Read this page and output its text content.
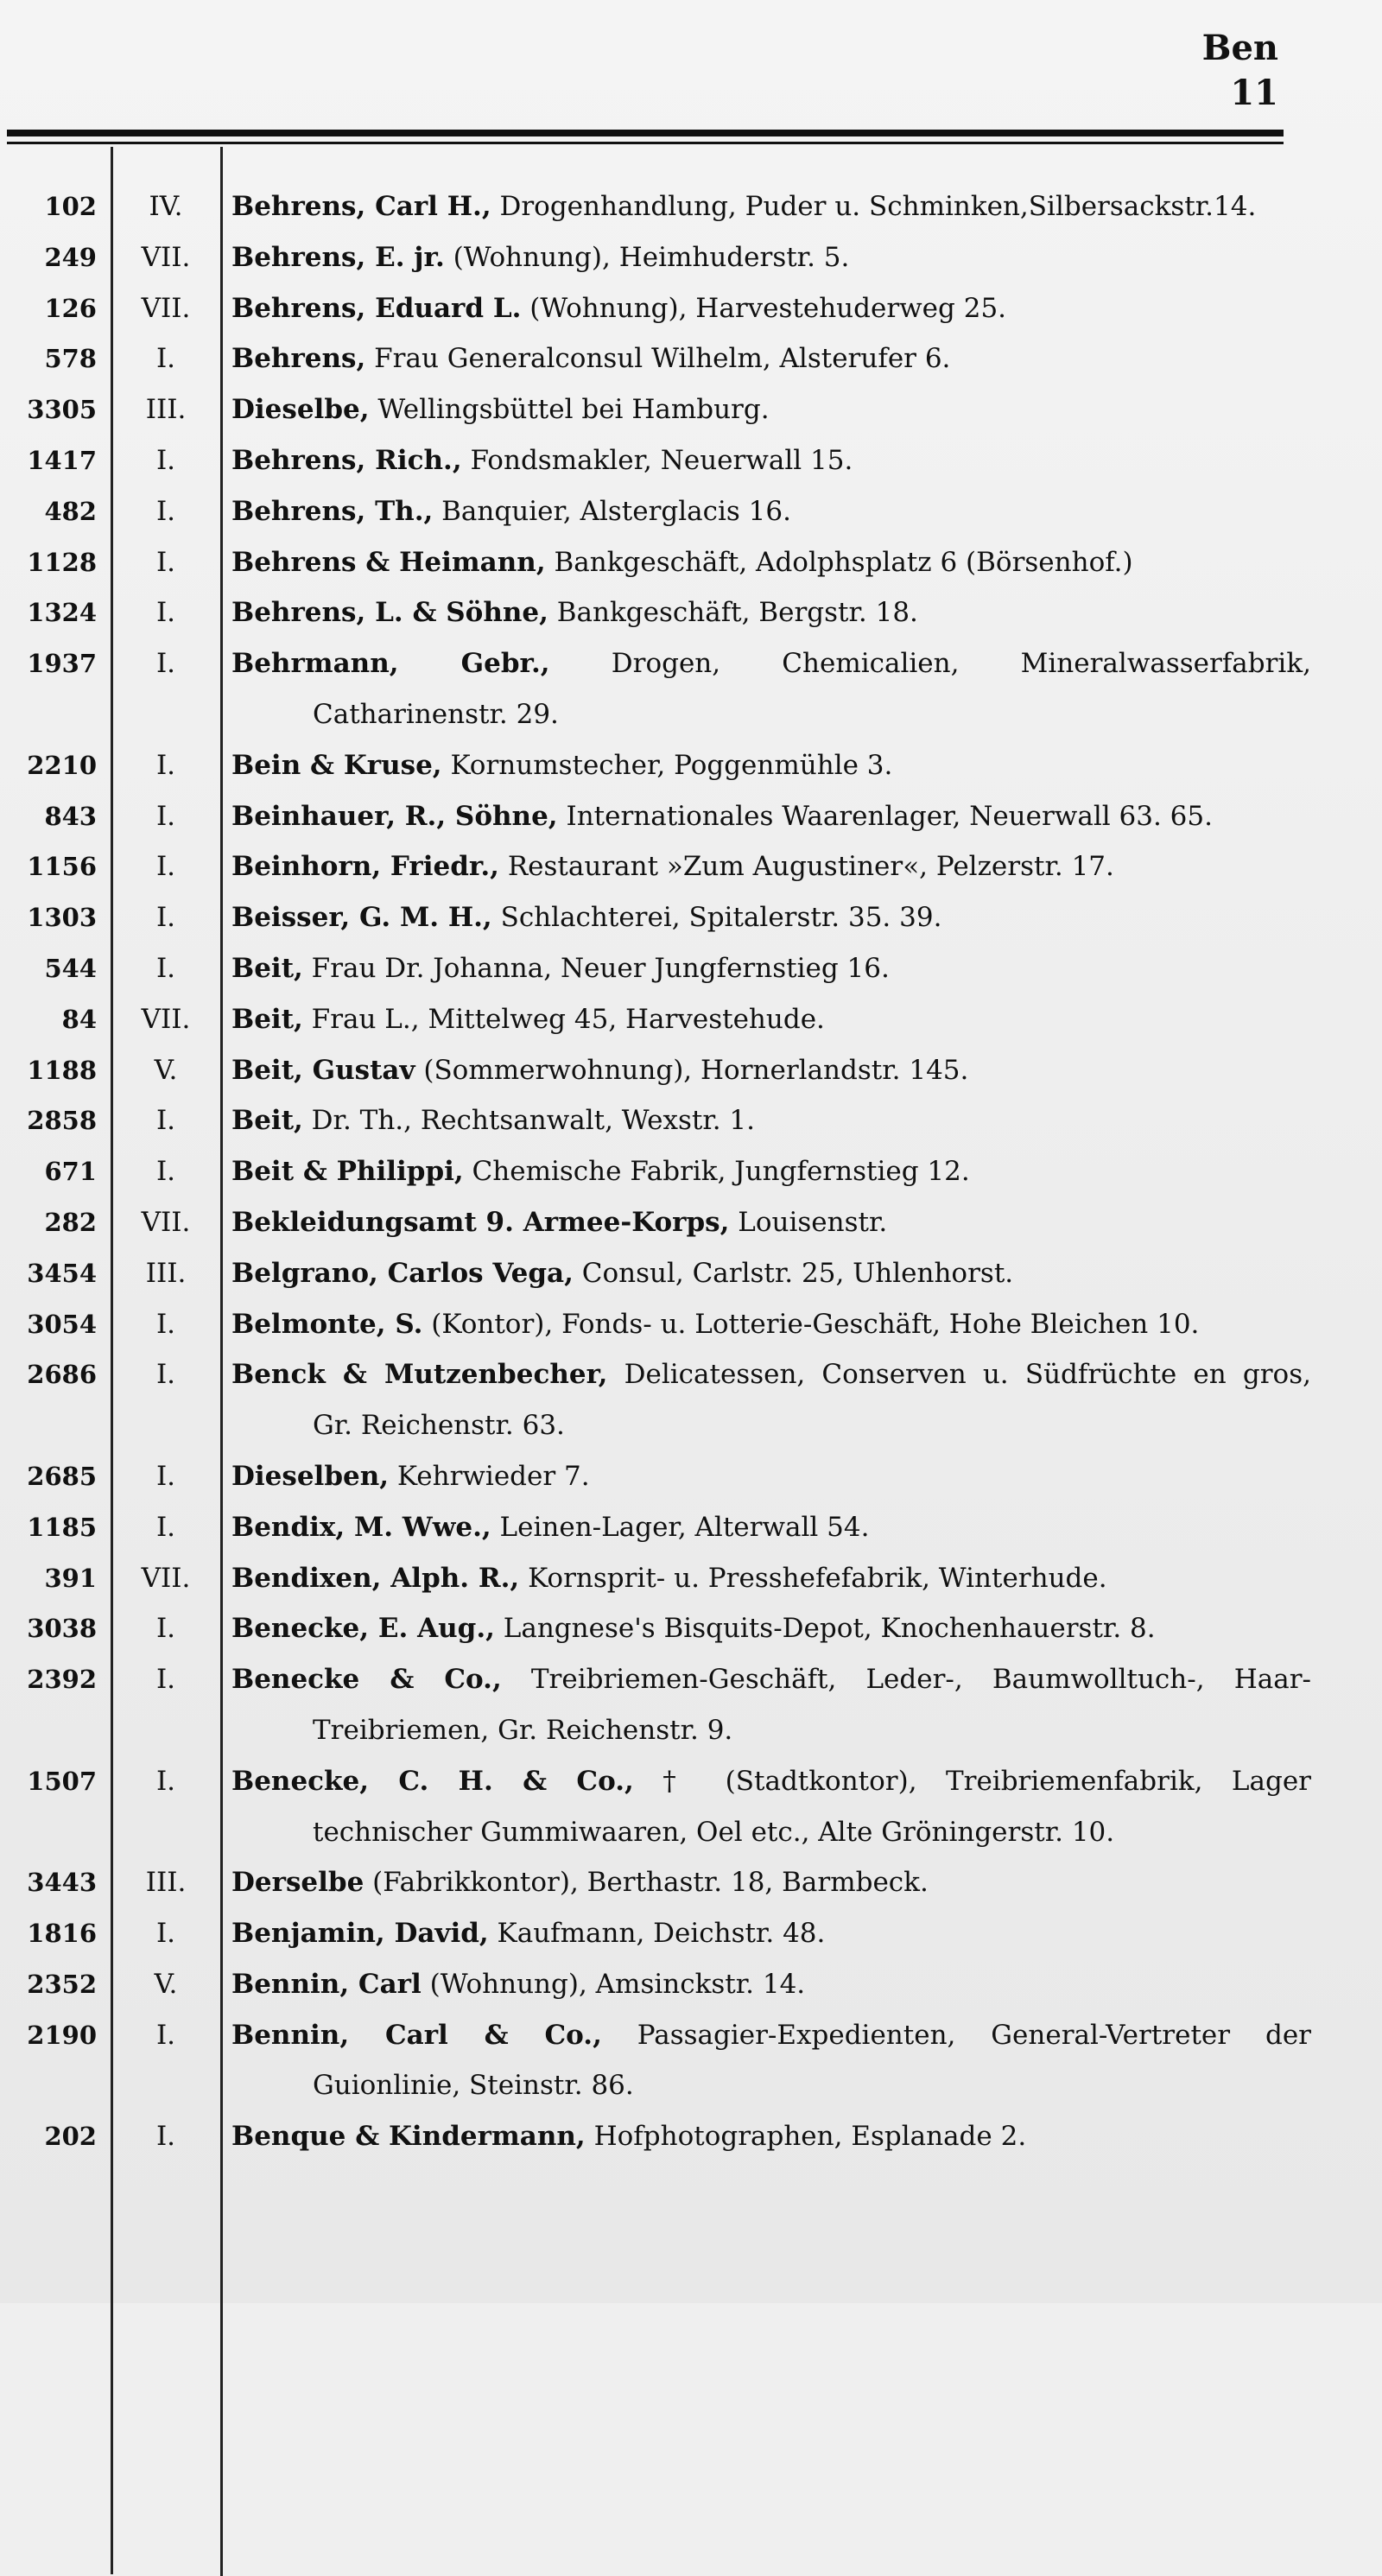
Ben
11
102	IV.	Behrens, Carl H., Drogenhandlung, Puder u. Schminken,Silbersackstr.14.
249	VII.	Behrens, E. jr. (Wohnung), Heimhuderstr. 5.
126	VII.	Behrens, Eduard L. (Wohnung), Harvestehuderweg 25.
578	I.	Behrens, Frau Generalconsul Wilhelm, Alsterufer 6.
3305	III.	Dieselbe, Wellingsbüttel bei Hamburg.
1417	I.	Behrens, Rich., Fondsmakler, Neuerwall 15.
482	I.	Behrens, Th., Banquier, Alsterglacis 16.
1128	I.	Behrens & Heimann, Bankgeschäft, Adolphsplatz 6 (Börsenhof.)
1324	I.	Behrens, L. & Söhne, Bankgeschäft, Bergstr. 18.
1937	I.	Behrmann, Gebr., Drogen, Chemicalien, Mineralwasserfabrik,
Catharinenstr. 29.
2210	I.	Bein & Kruse, Kornumstecher, Poggenmühle 3.
843	I.	Beinhauer, R., Söhne, Internationales Waarenlager, Neuerwall 63. 65.
1156	I.	Beinhorn, Friedr., Restaurant »Zum Augustiner«, Pelzerstr. 17.
1303	I.	Beisser, G. M. H., Schlachterei, Spitalerstr. 35. 39.
544	I.	Beit, Frau Dr. Johanna, Neuer Jungfernstieg 16.
84	VII.	Beit, Frau L., Mittelweg 45, Harvestehude.
1188	V.	Beit, Gustav (Sommerwohnung), Hornerlandstr. 145.
2858	I.	Beit, Dr. Th., Rechtsanwalt, Wexstr. 1.
671	I.	Beit & Philippi, Chemische Fabrik, Jungfernstieg 12.
282	VII.	Bekleidungsamt 9. Armee-Korps, Louisenstr.
3454	III.	Belgrano, Carlos Vega, Consul, Carlstr. 25, Uhlenhorst.
3054	I.	Belmonte, S. (Kontor), Fonds- u. Lotterie-Geschäft, Hohe Bleichen 10.
2686	I.	Benck & Mutzenbecher, Delicatessen, Conserven u. Südfrüchte en gros,
Gr. Reichenstr. 63.
2685	I.	Dieselben, Kehrwieder 7.
1185	I.	Bendix, M. Wwe., Leinen-Lager, Alterwall 54.
391	VII.	Bendixen, Alph. R., Kornsprit- u. Presshefefabrik, Winterhude.
3038	I.	Benecke, E. Aug., Langnese's Bisquits-Depot, Knochenhauerstr. 8.
2392	I.	Benecke & Co., Treibriemen-Geschäft, Leder-, Baumwolltuch-, Haar-
Treibriemen, Gr. Reichenstr. 9.
1507	I.	Benecke, C. H. & Co., † (Stadtkontor), Treibriemenfabrik, Lager
technischer Gummiwaaren, Oel etc., Alte Gröningerstr. 10.
3443	III.	Derselbe (Fabrikkontor), Berthastr. 18, Barmbeck.
1816	I.	Benjamin, David, Kaufmann, Deichstr. 48.
2352	V.	Bennin, Carl (Wohnung), Amsinckstr. 14.
2190	I.	Bennin, Carl & Co., Passagier-Expedienten, General-Vertreter der
Guionlinie, Steinstr. 86.
202	I.	Benque & Kindermann, Hofphotographen, Esplanade 2.
